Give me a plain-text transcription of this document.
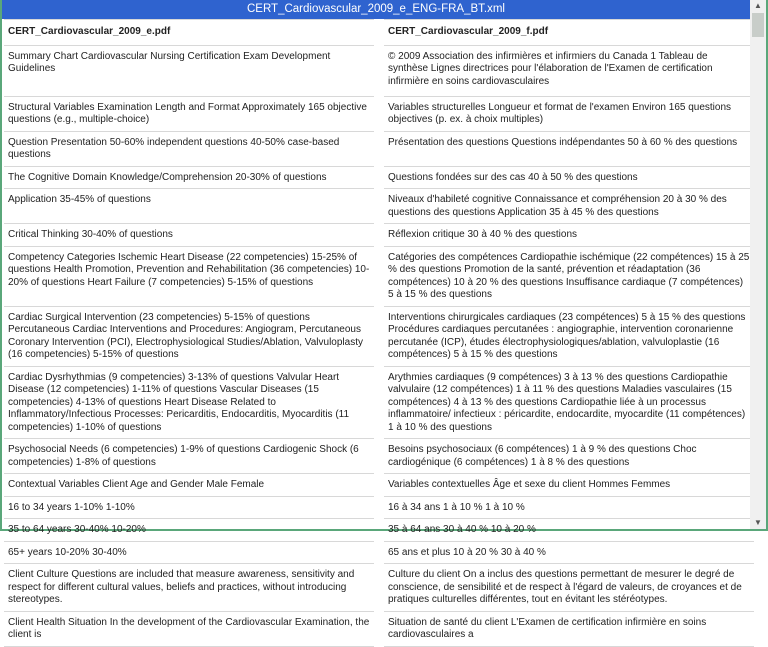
CERT_Cardiovascular_2009_e_ENG-FRA_BT.xml
CERT_Cardiovascular_2009_e.pdf		CERT_Cardiovascular_2009_f.pdf
Summary Chart Cardiovascular Nursing Certification Exam Development Guidelines		© 2009 Association des infirmières et infirmiers du Canada 1 Tableau de synthèse Lignes directrices pour l'élaboration de l'Examen de certification infirmière en soins cardiovasculaires
Structural Variables Examination Length and Format Approximately 165 objective questions (e.g., multiple-choice)		Variables structurelles Longueur et format de l'examen Environ 165 questions objectives (p. ex. à choix multiples)
Question Presentation 50-60% independent questions 40-50% case-based questions		Présentation des questions Questions indépendantes 50 à 60 % des questions
The Cognitive Domain Knowledge/Comprehension 20-30% of questions		Questions fondées sur des cas 40 à 50 % des questions
Application 35-45% of questions		Niveaux d'habileté cognitive Connaissance et compréhension 20 à 30 % des questions des questions Application 35 à 45 % des questions
Critical Thinking 30-40% of questions		Réflexion critique 30 à 40 % des questions
Competency Categories Ischemic Heart Disease (22 competencies) 15-25% of questions Health Promotion, Prevention and Rehabilitation (36 competencies) 10-20% of questions Heart Failure (7 competencies) 5-15% of questions		Catégories des compétences Cardiopathie ischémique (22 compétences) 15 à 25 % des questions Promotion de la santé, prévention et réadaptation (36 compétences) 10 à 20 % des questions Insuffisance cardiaque (7 compétences) 5 à 15 % des questions
Cardiac Surgical Intervention (23 competencies) 5-15% of questions Percutaneous Cardiac Interventions and Procedures: Angiogram, Percutaneous Coronary Intervention (PCI), Electrophysiological Studies/Ablation, Valvuloplasty (16 competencies) 5-15% of questions		Interventions chirurgicales cardiaques (23 compétences) 5 à 15 % des questions Procédures cardiaques percutanées : angiographie, intervention coronarienne percutanée (ICP), études électrophysiologiques/ablation, valvuloplastie (16 compétences) 5 à 15 % des questions
Cardiac Dysrhythmias (9 competencies) 3-13% of questions Valvular Heart Disease (12 competencies) 1-11% of questions Vascular Diseases (15 competencies) 4-13% of questions Heart Disease Related to Inflammatory/Infectious Processes: Pericarditis, Endocarditis, Myocarditis (11 competencies) 1-10% of questions		Arythmies cardiaques (9 compétences) 3 à 13 % des questions Cardiopathie valvulaire (12 compétences) 1 à 11 % des questions Maladies vasculaires (15 compétences) 4 à 13 % des questions Cardiopathie liée à un processus inflammatoire/ infectieux : péricardite, endocardite, myocardite (11 compétences) 1 à 10 % des questions
Psychosocial Needs (6 competencies) 1-9% of questions Cardiogenic Shock (6 competencies) 1-8% of questions		Besoins psychosociaux (6 compétences) 1 à 9 % des questions Choc cardiogénique (6 compétences) 1 à 8 % des questions
Contextual Variables Client Age and Gender Male Female		Variables contextuelles Âge et sexe du client Hommes Femmes
16 to 34 years 1-10% 1-10%		16 à 34 ans 1 à 10 % 1 à 10 %
35 to 64 years 30-40% 10-20%		35 à 64 ans 30 à 40 % 10 à 20 %
65+ years 10-20% 30-40%		65 ans et plus 10 à 20 % 30 à 40 %
Client Culture Questions are included that measure awareness, sensitivity and respect for different cultural values, beliefs and practices, without introducing stereotypes.		Culture du client On a inclus des questions permettant de mesurer le degré de conscience, de sensibilité et de respect à l'égard de valeurs, de croyances et de pratiques culturelles différentes, tout en évitant les stéréotypes.
Client Health Situation In the development of the Cardiovascular Examination, the client is		Situation de santé du client L'Examen de certification infirmière en soins cardiovasculaires a
▲
▼
